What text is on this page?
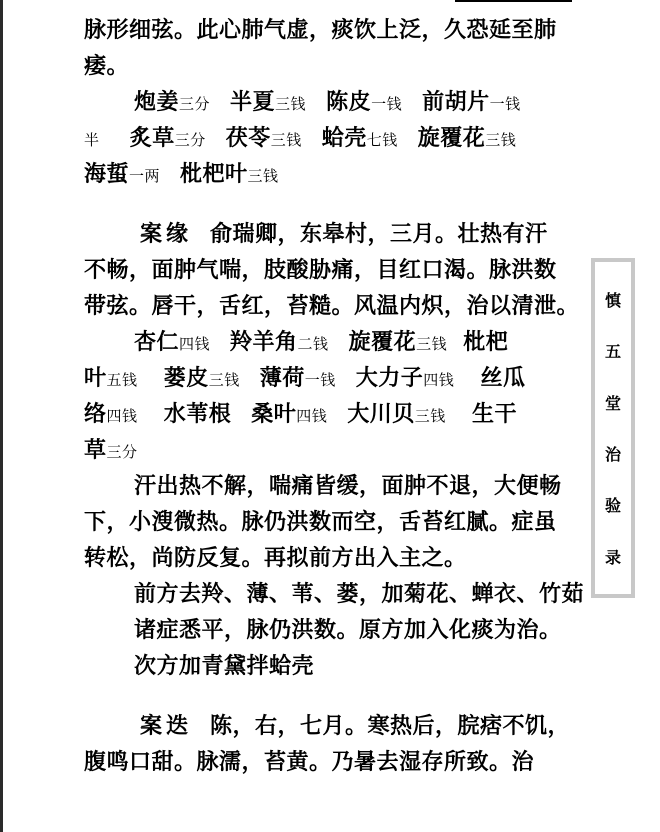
脉形细弦。此心肺气虚，痰饮上泛，久恐延至肺
痿。
炮姜三分 半夏三钱 陈皮一钱 前胡片一钱
半 炙草三分 茯苓三钱 蛤壳七钱 旋覆花三钱
海蜇一两 枇杷叶三钱
案缘 俞瑞卿，东皋村，三月。壮热有汗
不畅，面肿气喘，肢酸胁痛，目红口渴。脉洪数
带弦。唇干，舌红，苔糙。风温内炽，治以清泄。
杏仁四钱 羚羊角二钱 旋覆花三钱 枇杷
叶五钱 蒌皮三钱 薄荷一钱 大力子四钱 丝瓜
络四钱 水苇根 桑叶四钱 大川贝三钱 生干
草三分
汗出热不解，喘痛皆缓，面肿不退，大便畅
下，小溲微热。脉仍洪数而空，舌苔红腻。症虽
转松，尚防反复。再拟前方出入主之。
前方去羚、薄、苇、蒌，加菊花、蝉衣、竹茹
诸症悉平，脉仍洪数。原方加入化痰为治。
次方加青黛拌蛤壳
案迭 陈，右，七月。寒热后，脘痞不饥，
腹鸣口甜。脉濡，苔黄。乃暑去湿存所致。治
慎
五
堂
治
验
录
